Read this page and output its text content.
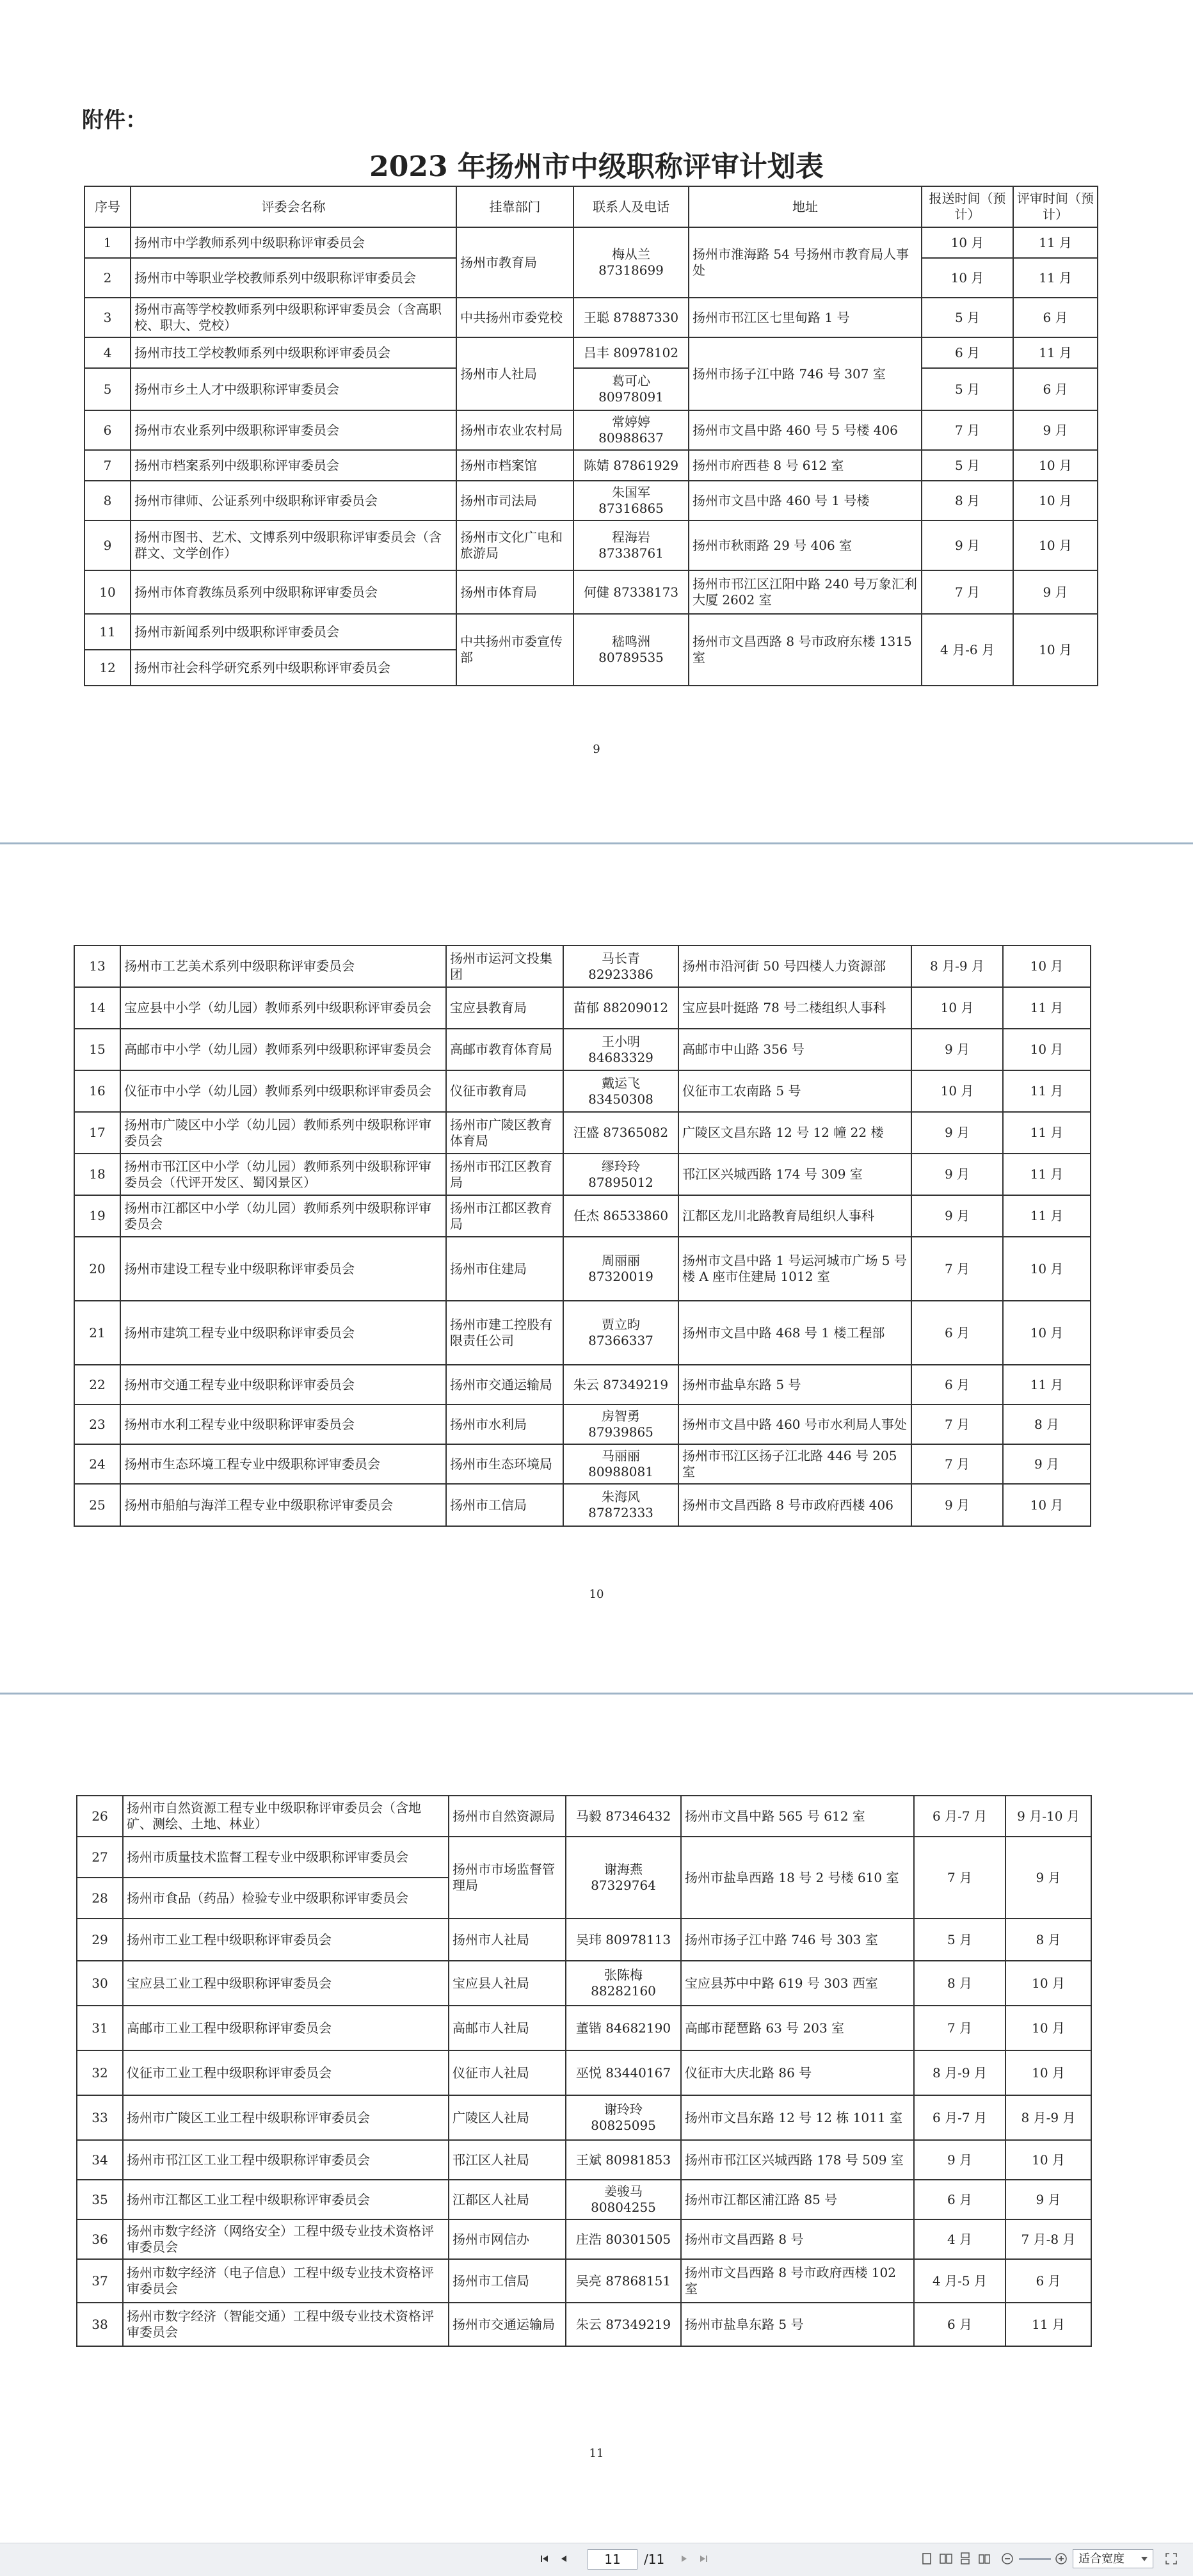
附件：
2023 年扬州市中级职称评审计划表
序号	评委会名称	挂靠部门	联系人及电话	地址	报送时间（预计）	评审时间（预计）
1	扬州市中学教师系列中级职称评审委员会	扬州市教育局	梅从兰 87318699	扬州市淮海路 54 号扬州市教育局人事处	10 月	11 月
2	扬州市中等职业学校教师系列中级职称评审委员会				10 月	11 月
3	扬州市高等学校教师系列中级职称评审委员会（含高职校、职大、党校）	中共扬州市委党校	王聪 87887330	扬州市邗江区七里甸路 1 号	5 月	6 月
4	扬州市技工学校教师系列中级职称评审委员会	扬州市人社局	吕丰 80978102	扬州市扬子江中路 746 号 307 室	6 月	11 月
5	扬州市乡土人才中级职称评审委员会		葛可心 80978091		5 月	6 月
6	扬州市农业系列中级职称评审委员会	扬州市农业农村局	常婷婷 80988637	扬州市文昌中路 460 号 5 号楼 406	7 月	9 月
7	扬州市档案系列中级职称评审委员会	扬州市档案馆	陈婧 87861929	扬州市府西巷 8 号 612 室	5 月	10 月
8	扬州市律师、公证系列中级职称评审委员会	扬州市司法局	朱国军 87316865	扬州市文昌中路 460 号 1 号楼	8 月	10 月
9	扬州市图书、艺术、文博系列中级职称评审委员会（含群文、文学创作）	扬州市文化广电和旅游局	程海岩 87338761	扬州市秋雨路 29 号 406 室	9 月	10 月
10	扬州市体育教练员系列中级职称评审委员会	扬州市体育局	何健 87338173	扬州市邗江区江阳中路 240 号万象汇利大厦 2602 室	7 月	9 月
11	扬州市新闻系列中级职称评审委员会	中共扬州市委宣传部	嵇鸣洲 80789535	扬州市文昌西路 8 号市政府东楼 1315 室	4 月-6 月	10 月
12	扬州市社会科学研究系列中级职称评审委员会					
9
13	扬州市工艺美术系列中级职称评审委员会	扬州市运河文投集团	马长青 82923386	扬州市沿河街 50 号四楼人力资源部	8 月-9 月	10 月
14	宝应县中小学（幼儿园）教师系列中级职称评审委员会	宝应县教育局	苗郁 88209012	宝应县叶挺路 78 号二楼组织人事科	10 月	11 月
15	高邮市中小学（幼儿园）教师系列中级职称评审委员会	高邮市教育体育局	王小明 84683329	高邮市中山路 356 号	9 月	10 月
16	仪征市中小学（幼儿园）教师系列中级职称评审委员会	仪征市教育局	戴运飞 83450308	仪征市工农南路 5 号	10 月	11 月
17	扬州市广陵区中小学（幼儿园）教师系列中级职称评审委员会	扬州市广陵区教育体育局	汪盛 87365082	广陵区文昌东路 12 号 12 幢 22 楼	9 月	11 月
18	扬州市邗江区中小学（幼儿园）教师系列中级职称评审委员会（代评开发区、蜀冈景区）	扬州市邗江区教育局	缪玲玲 87895012	邗江区兴城西路 174 号 309 室	9 月	11 月
19	扬州市江都区中小学（幼儿园）教师系列中级职称评审委员会	扬州市江都区教育局	任杰 86533860	江都区龙川北路教育局组织人事科	9 月	11 月
20	扬州市建设工程专业中级职称评审委员会	扬州市住建局	周丽丽 87320019	扬州市文昌中路 1 号运河城市广场 5 号楼 A 座市住建局 1012 室	7 月	10 月
21	扬州市建筑工程专业中级职称评审委员会	扬州市建工控股有限责任公司	贾立昀 87366337	扬州市文昌中路 468 号 1 楼工程部	6 月	10 月
22	扬州市交通工程专业中级职称评审委员会	扬州市交通运输局	朱云 87349219	扬州市盐阜东路 5 号	6 月	11 月
23	扬州市水利工程专业中级职称评审委员会	扬州市水利局	房智勇 87939865	扬州市文昌中路 460 号市水利局人事处	7 月	8 月
24	扬州市生态环境工程专业中级职称评审委员会	扬州市生态环境局	马丽丽 80988081	扬州市邗江区扬子江北路 446 号 205 室	7 月	9 月
25	扬州市船舶与海洋工程专业中级职称评审委员会	扬州市工信局	朱海风 87872333	扬州市文昌西路 8 号市政府西楼 406	9 月	10 月
10
26	扬州市自然资源工程专业中级职称评审委员会（含地矿、测绘、土地、林业）	扬州市自然资源局	马毅 87346432	扬州市文昌中路 565 号 612 室	6 月-7 月	9 月-10 月
27	扬州市质量技术监督工程专业中级职称评审委员会	扬州市市场监督管理局	谢海燕 87329764	扬州市盐阜西路 18 号 2 号楼 610 室	7 月	9 月
28	扬州市食品（药品）检验专业中级职称评审委员会					
29	扬州市工业工程中级职称评审委员会	扬州市人社局	吴玮 80978113	扬州市扬子江中路 746 号 303 室	5 月	8 月
30	宝应县工业工程中级职称评审委员会	宝应县人社局	张陈梅 88282160	宝应县苏中中路 619 号 303 西室	8 月	10 月
31	高邮市工业工程中级职称评审委员会	高邮市人社局	董锴 84682190	高邮市琵琶路 63 号 203 室	7 月	10 月
32	仪征市工业工程中级职称评审委员会	仪征市人社局	巫悦 83440167	仪征市大庆北路 86 号	8 月-9 月	10 月
33	扬州市广陵区工业工程中级职称评审委员会	广陵区人社局	谢玲玲 80825095	扬州市文昌东路 12 号 12 栋 1011 室	6 月-7 月	8 月-9 月
34	扬州市邗江区工业工程中级职称评审委员会	邗江区人社局	王斌 80981853	扬州市邗江区兴城西路 178 号 509 室	9 月	10 月
35	扬州市江都区工业工程中级职称评审委员会	江都区人社局	姜骏马 80804255	扬州市江都区浦江路 85 号	6 月	9 月
36	扬州市数字经济（网络安全）工程中级专业技术资格评审委员会	扬州市网信办	庄浩 80301505	扬州市文昌西路 8 号	4 月	7 月-8 月
37	扬州市数字经济（电子信息）工程中级专业技术资格评审委员会	扬州市工信局	吴亮 87868151	扬州市文昌西路 8 号市政府西楼 102 室	4 月-5 月	6 月
38	扬州市数字经济（智能交通）工程中级专业技术资格评审委员会	扬州市交通运输局	朱云 87349219	扬州市盐阜东路 5 号	6 月	11 月
11
11	/11	适合宽度
